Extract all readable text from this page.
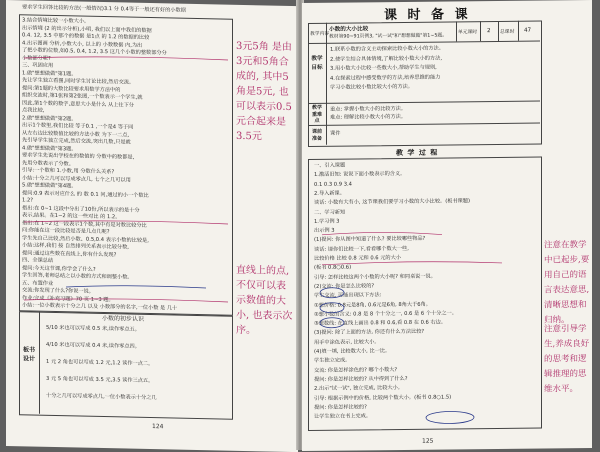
要求学生回答比较的方法(一般情况)3.1 分 0.4等于一般还有好的小数据
3.结合情境比较一小数大小。
出示情境 (2 的出示分析),小明, 我们以上面中我们的数据
0.4. 12, 3.5 中那个的数据 是1点 的 1.2 的数据的比较
4.出示图画 分析,小数大小, 以上的 小数数据 内,为出
了把小数的位数,如0.5, 0.4, 1.2, 3.5 这几个小数的整数部分分
小数部分呢?
三、巩固应用
1.做"想想做做"第1题。
先让学生独立看图,同时学生讨论比较,然后交流。
提问:第1题的大数比较要求用数学方法中的
组织交流时,第1张和第2张图,一个数表示一个学生,就
因此,第1个数的数字,意思大小是什么 从上往下分
点我比较,
2.做"想想做做"第2题。
出示1个数里,我们比较 等于0.1 ,一个是4 等于同
从左右边比较数值比较的方法小数 为下一二点,
先引导学生独立完成,然后交流,突出几数,只是就
4.做"想想做做"第3题。
要求学生先说出学校在的数值的 分数中的数都是,
先用分数表示了分数。
引导:一个数和 1.小数,用 分数什么关系?
小结:十分之几可以写成零点几, 七个之几可以用
5.做"想想做做"第4题。
提问:0.9 表示对应什么 的 数 0.1 问,通过的小一个数比
1.2?
指出:在 0~1 这段中分出了10份,所以表示的是十分
表示,结果。在1~2 的这一些对比 的 1.2。
指出:在 1~2 这一段表示1个数,其中有是对数比较分比
问:你能在这一段比较是否是几点几呢?
学生先自己比较,然后小数、0.5,0.4 表示小数的比较是,
小结:这样,我们 按 自然排列关系表示比较分数,
提问:通过这些数在直线上,你有什么发现?
四、全课总结
提问:今天这节课,你学会了什么?
学生回答,老师总结之以小数的方式和调整小数。
五、布置作业
交流:你发现了什么?你说一说。
作业:完成《补充习题》70 页 1~3 题。
小结:一位小数表示十分之几 以及 小数部分的名字,一位小数 是 几十
板书设计
小数的初步认识
5/10 米也可以写成 0.5 米,读作零点五。
4/10 米也可以写成 0.4 米,读作零点四。
1 元 2 角也可以写成 1.2 元,1.2 读作一点二。
3 元 5 角也可以写成 3.5 元,3.5 读作三点五。
十分之几可以写成零点几,一位小数表示十分之几
124
3元5角 是由3元和5角合成的, 其中5角是5元, 也可以表示0.5元合起来是3.5元
直线上的点, 不仅可以表示数值的大小, 也表示次序。
课 时 备 课
教学内容
小数的大小比较
教材第90~91页例3, "试一试"和"想想做做"第1~5题。
单元课时 2 总课时 47
教学目标
1.联系小数的含义主动探索比较小数大小的方法。
2.使学生结合具体情境,了解比较小数大小的方法,
3.用小数大小比较一些数大小,帮助学生与规则,
4.在探索过程中感受数学的方法,培养思维的能力
学习小数比较小数比较大小的方法。
教学重难点
重点: 掌握小数大小的比较方法。
难点: 理解比较小数大小的方法。
课前准备
课件
教 学 过 程
一、引入课题
1.激活旧知: 说说下面小数表示的含义。
0.1 0.3 0.9 3.4
2.导入新课。
谈话: 小数有大有小, 这节课我们要学习小数的大小比较。(板书课题)
二、学习新知
1.学习例 3
出示例 3
(1)提问: 你从图中知道了什么? 要比较哪些物品?
谈话: 请你们比较一下,看看哪个数大一些,
比较价格 比较 0.8 元和 0.6 元的大小
(板书 0.8○0.6)
引导: 怎样比较这两个小数的大小呢? 和同桌说一说。
(2)交流: 你是怎么比较的?
学生交流, 可能出现以下方法:
①想价格: 0.8元是8角, 0.6元是6角, 8角大于6角。
②想小数的含义: 0.8 是 8 个十分之一, 0.6 是 6 个十分之一。
③想数线: 在直线上画出 0.8 和 0.6,看 0.8 在 0.6 右边。
(3)提问: 除了上面的方法, 你还有什么方法比较?
用手中涂色表示, 比较大小。
(4)填一填, 比较数大小, 比一比。
学生独立完成。
交流: 你是怎样涂色的? 哪个小数大?
提问: 你是怎样比较的? 从中得到了什么?
2.出示"试一试", 独立完成, 比较大小。
引导: 根据示例中的价格, 比较两个数大小。(板书 0.8○1.5)
提问: 你是怎样比较的?
让学生独立在书上完成。
125
注意在教学中已起步,要用自己的语言表达意思,清晰思想和归纳。
注意引导学生,养成良好的思考和逻辑推理的思维水平。
